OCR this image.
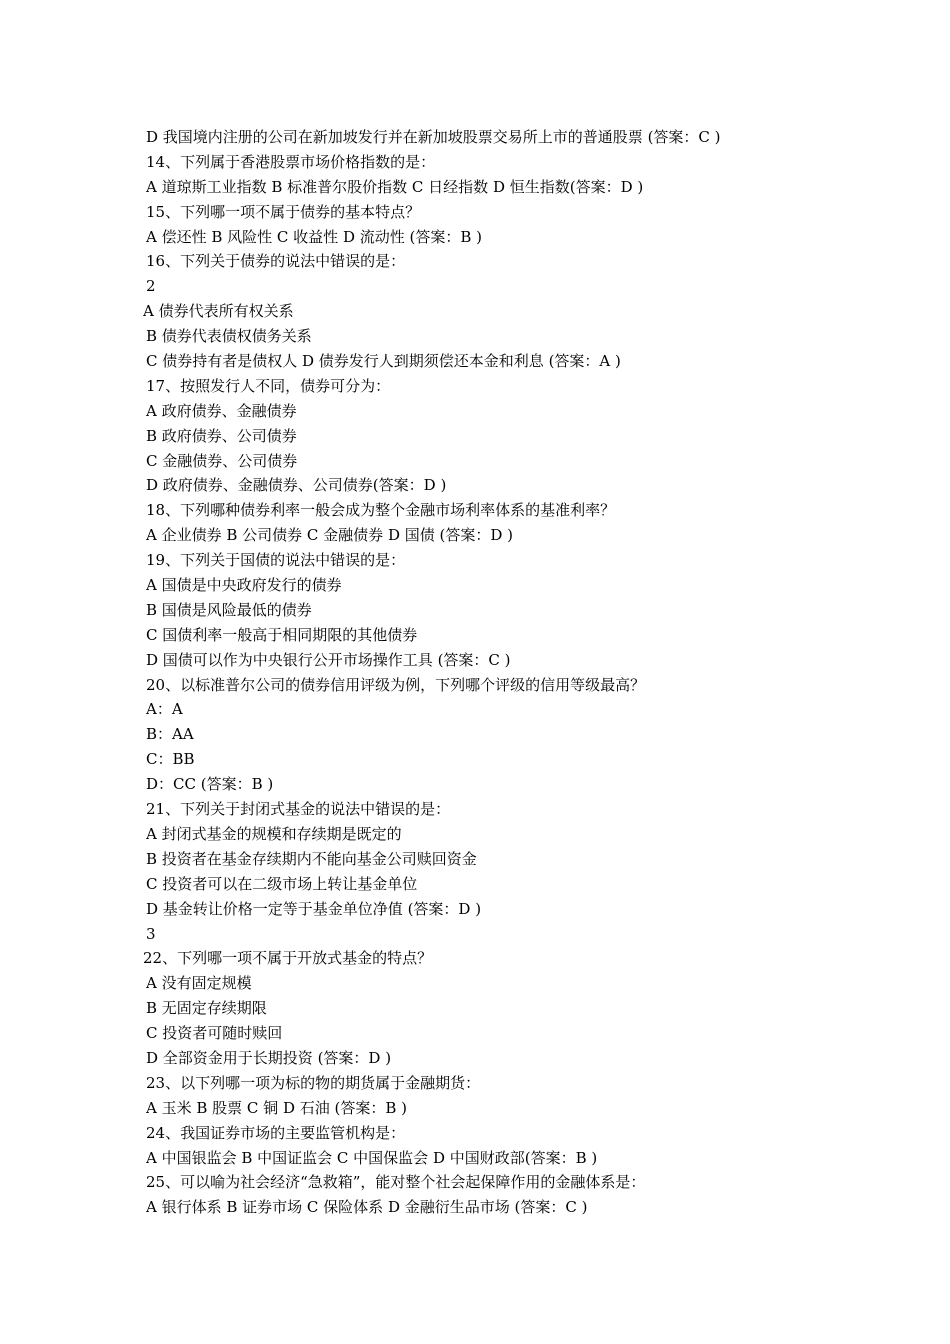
D 我国境内注册的公司在新加坡发行并在新加坡股票交易所上市的普通股票 (答案：C )
14、下列属于香港股票市场价格指数的是：
A 道琼斯工业指数 B 标准普尔股价指数 C 日经指数 D 恒生指数(答案：D )
15、下列哪一项不属于债券的基本特点？
A 偿还性 B 风险性 C 收益性 D 流动性 (答案：B )
16、下列关于债券的说法中错误的是：
2
A 债券代表所有权关系
B 债券代表债权债务关系
C 债券持有者是债权人 D 债券发行人到期须偿还本金和利息 (答案：A )
17、按照发行人不同，债券可分为：
A 政府债券、金融债券
B 政府债券、公司债券
C 金融债券、公司债券
D 政府债券、金融债券、公司债券(答案：D )
18、下列哪种债券利率一般会成为整个金融市场利率体系的基准利率？
A 企业债券 B 公司债券 C 金融债券 D 国债 (答案：D )
19、下列关于国债的说法中错误的是：
A 国债是中央政府发行的债券
B 国债是风险最低的债券
C 国债利率一般高于相同期限的其他债券
D 国债可以作为中央银行公开市场操作工具 (答案：C )
20、以标准普尔公司的债券信用评级为例，下列哪个评级的信用等级最高？
A：A
B：AA
C：BB
D：CC (答案：B )
21、下列关于封闭式基金的说法中错误的是：
A 封闭式基金的规模和存续期是既定的
B 投资者在基金存续期内不能向基金公司赎回资金
C 投资者可以在二级市场上转让基金单位
D 基金转让价格一定等于基金单位净值 (答案：D )
3
22、下列哪一项不属于开放式基金的特点？
A 没有固定规模
B 无固定存续期限
C 投资者可随时赎回
D 全部资金用于长期投资 (答案：D )
23、以下列哪一项为标的物的期货属于金融期货：
A 玉米 B 股票 C 铜 D 石油 (答案：B )
24、我国证券市场的主要监管机构是：
A 中国银监会 B 中国证监会 C 中国保监会 D 中国财政部(答案：B )
25、可以喻为社会经济“急救箱”，能对整个社会起保障作用的金融体系是：
A 银行体系 B 证券市场 C 保险体系 D 金融衍生品市场 (答案：C )
